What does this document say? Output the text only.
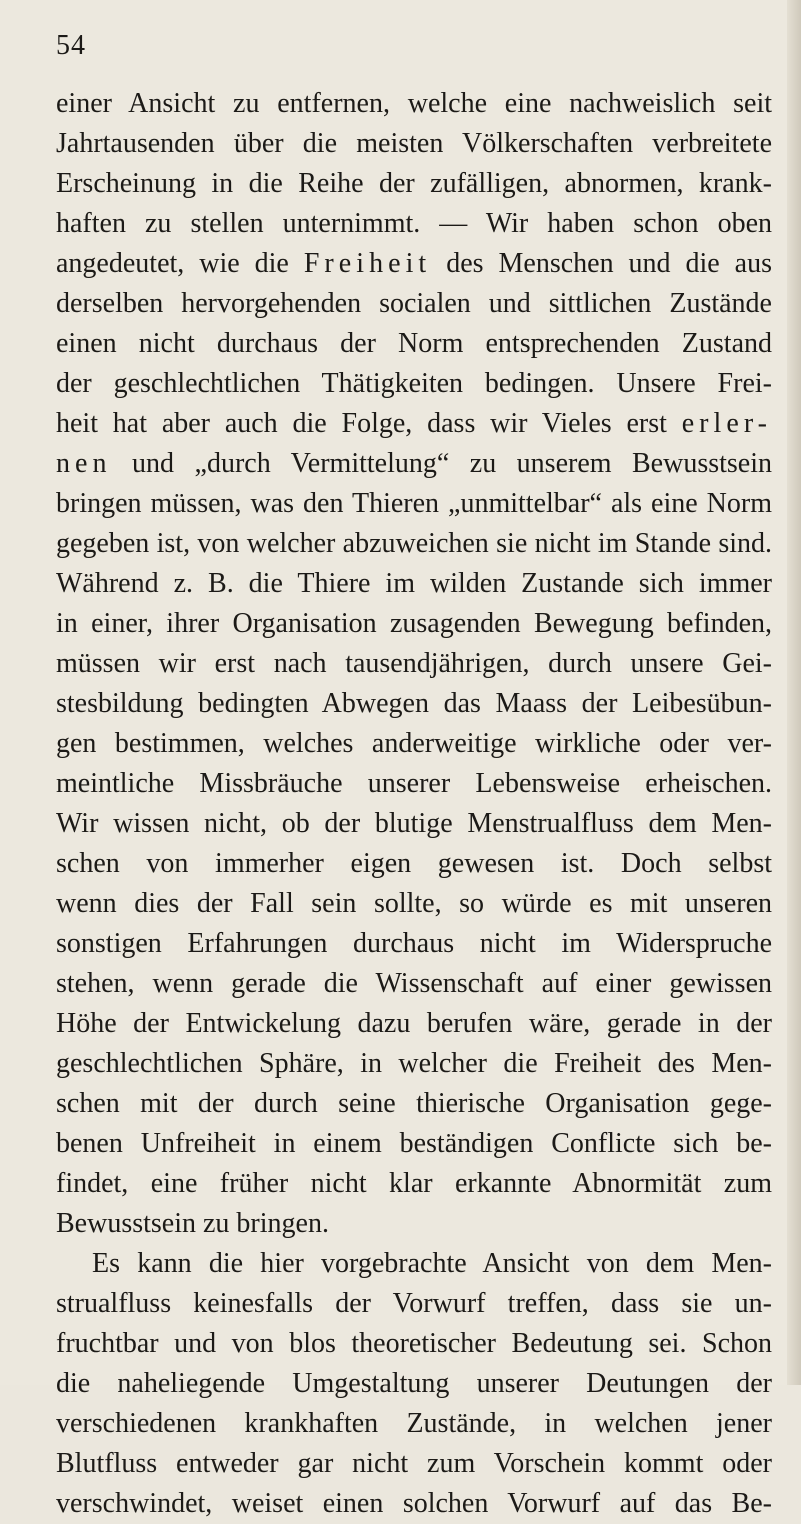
54
einer Ansicht zu entfernen, welche eine nachweislich seit
Jahrtausenden über die meisten Völkerschaften verbreitete
Erscheinung in die Reihe der zufälligen, abnormen, krank-
haften zu stellen unternimmt. — Wir haben schon oben
angedeutet, wie die Freiheit des Menschen und die aus
derselben hervorgehenden socialen und sittlichen Zustände
einen nicht durchaus der Norm entsprechenden Zustand
der geschlechtlichen Thätigkeiten bedingen. Unsere Frei-
heit hat aber auch die Folge, dass wir Vieles erst erler-
nen und „durch Vermittelung“ zu unserem Bewusstsein
bringen müssen, was den Thieren „unmittelbar“ als eine Norm
gegeben ist, von welcher abzuweichen sie nicht im Stande sind.
Während z. B. die Thiere im wilden Zustande sich immer
in einer, ihrer Organisation zusagenden Bewegung befinden,
müssen wir erst nach tausendjährigen, durch unsere Gei-
stesbildung bedingten Abwegen das Maass der Leibesübun-
gen bestimmen, welches anderweitige wirkliche oder ver-
meintliche Missbräuche unserer Lebensweise erheischen.
Wir wissen nicht, ob der blutige Menstrualfluss dem Men-
schen von immerher eigen gewesen ist. Doch selbst
wenn dies der Fall sein sollte, so würde es mit unseren
sonstigen Erfahrungen durchaus nicht im Widerspruche
stehen, wenn gerade die Wissenschaft auf einer gewissen
Höhe der Entwickelung dazu berufen wäre, gerade in der
geschlechtlichen Sphäre, in welcher die Freiheit des Men-
schen mit der durch seine thierische Organisation gege-
benen Unfreiheit in einem beständigen Conflicte sich be-
findet, eine früher nicht klar erkannte Abnormität zum
Bewusstsein zu bringen.
Es kann die hier vorgebrachte Ansicht von dem Men-
strualfluss keinesfalls der Vorwurf treffen, dass sie un-
fruchtbar und von blos theoretischer Bedeutung sei. Schon
die naheliegende Umgestaltung unserer Deutungen der
verschiedenen krankhaften Zustände, in welchen jener
Blutfluss entweder gar nicht zum Vorschein kommt oder
verschwindet, weiset einen solchen Vorwurf auf das Be-
